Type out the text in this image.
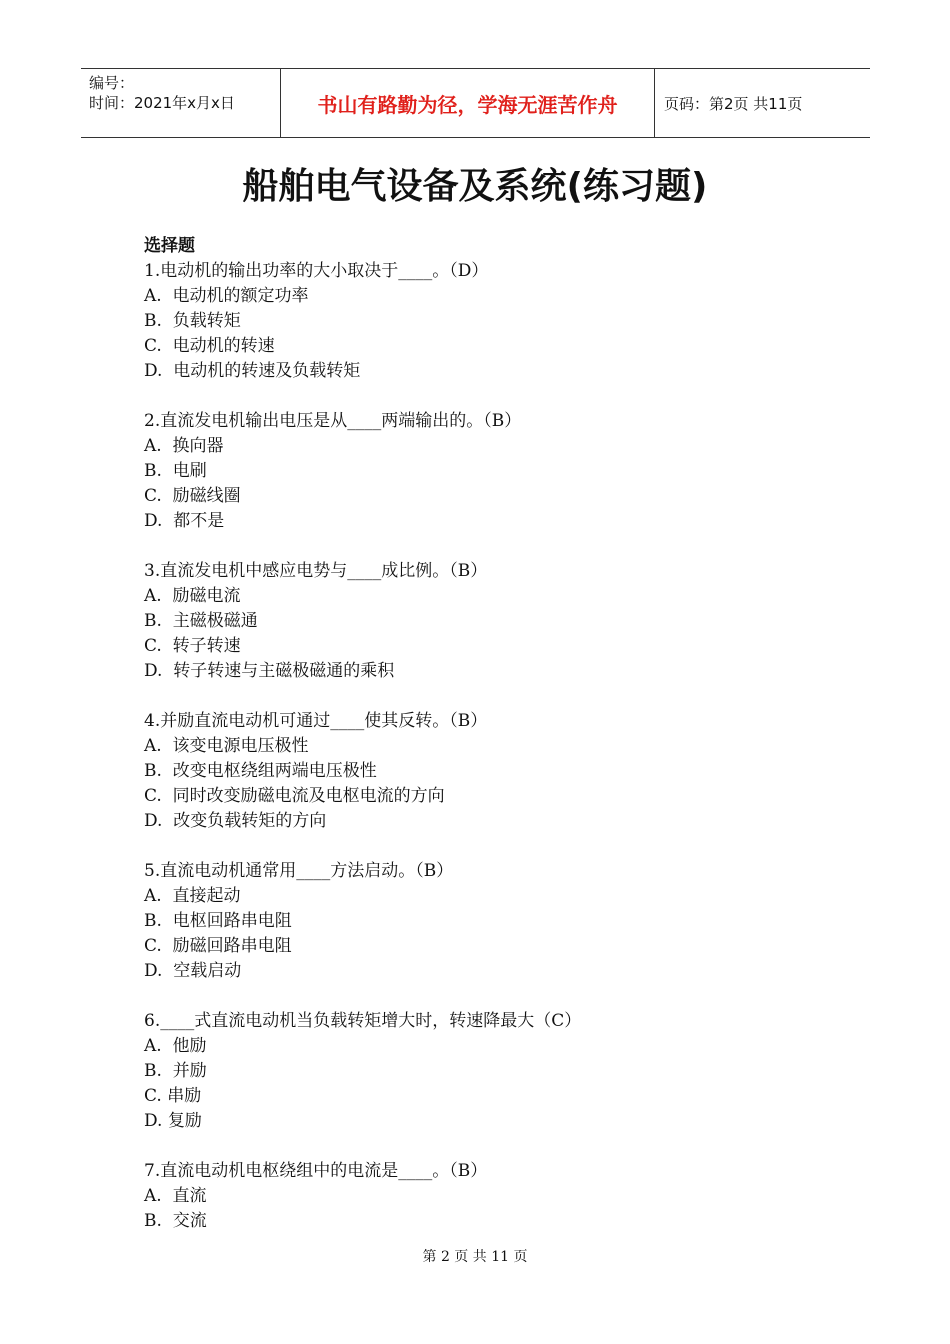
编号：
时间：2021年x月x日	书山有路勤为径，学海无涯苦作舟	页码：第2页 共11页
船舶电气设备及系统(练习题)
选择题
1.电动机的输出功率的大小取决于____。（D）
A.  电动机的额定功率
B.  负载转矩
C.  电动机的转速
D.  电动机的转速及负载转矩
2.直流发电机输出电压是从____两端输出的。（B）
A.  换向器
B.  电刷
C.  励磁线圈
D.  都不是
3.直流发电机中感应电势与____成比例。（B）
A.  励磁电流
B.  主磁极磁通
C.  转子转速
D.  转子转速与主磁极磁通的乘积
4.并励直流电动机可通过____使其反转。（B）
A.  该变电源电压极性
B.  改变电枢绕组两端电压极性
C.  同时改变励磁电流及电枢电流的方向
D.  改变负载转矩的方向
5.直流电动机通常用____方法启动。（B）
A.  直接起动
B.  电枢回路串电阻
C.  励磁回路串电阻
D.  空载启动
6.____式直流电动机当负载转矩增大时，转速降最大（C）
A.  他励
B.  并励
C. 串励
D. 复励
7.直流电动机电枢绕组中的电流是____。（B）
A.  直流
B.  交流
第 2 页 共 11 页
